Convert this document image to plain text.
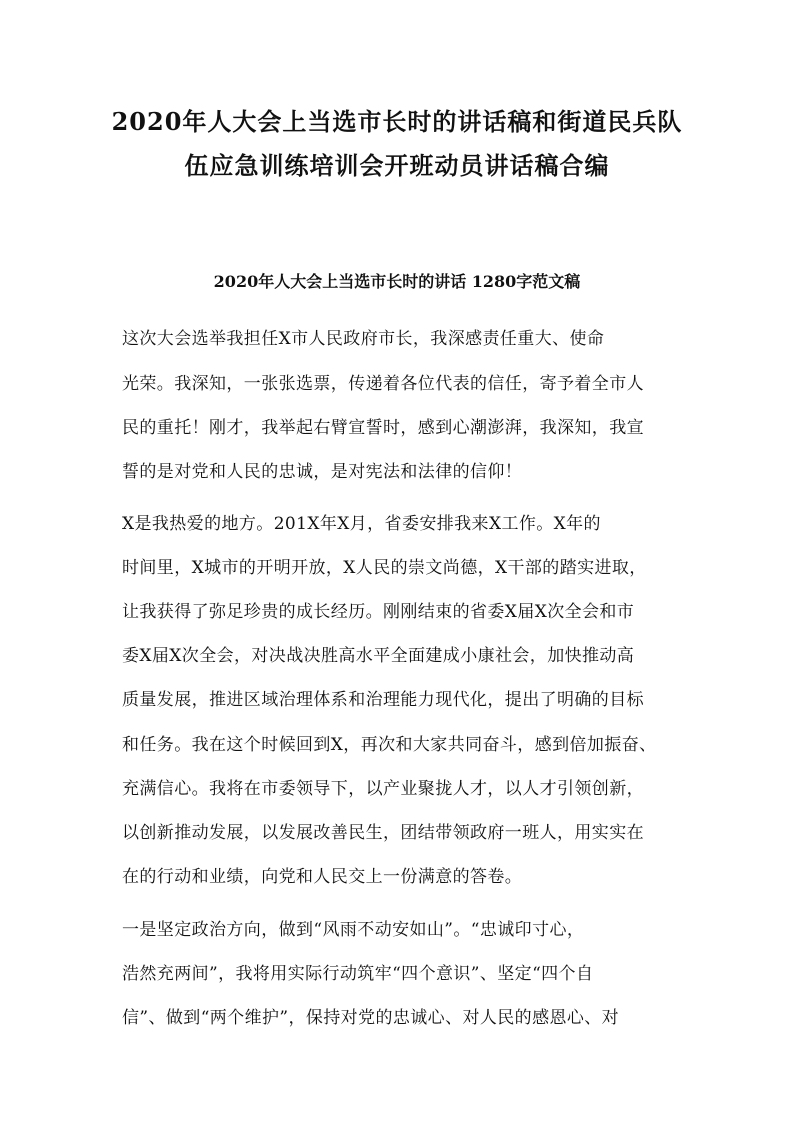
2020年人大会上当选市长时的讲话稿和街道民兵队
伍应急训练培训会开班动员讲话稿合编
2020年人大会上当选市长时的讲话 1280字范文稿
这次大会选举我担任X市人民政府市长，我深感责任重大、使命
光荣。我深知，一张张选票，传递着各位代表的信任，寄予着全市人
民的重托！刚才，我举起右臂宣誓时，感到心潮澎湃，我深知，我宣
誓的是对党和人民的忠诚，是对宪法和法律的信仰！
X是我热爱的地方。201X年X月，省委安排我来X工作。X年的
时间里，X城市的开明开放，X人民的崇文尚德，X干部的踏实进取，
让我获得了弥足珍贵的成长经历。刚刚结束的省委X届X次全会和市
委X届X次全会，对决战决胜高水平全面建成小康社会，加快推动高
质量发展，推进区域治理体系和治理能力现代化，提出了明确的目标
和任务。我在这个时候回到X，再次和大家共同奋斗，感到倍加振奋、
充满信心。我将在市委领导下，以产业聚拢人才，以人才引领创新，
以创新推动发展，以发展改善民生，团结带领政府一班人，用实实在
在的行动和业绩，向党和人民交上一份满意的答卷。
一是坚定政治方向，做到“风雨不动安如山”。“忠诚印寸心，
浩然充两间”，我将用实际行动筑牢“四个意识”、坚定“四个自
信”、做到“两个维护”，保持对党的忠诚心、对人民的感恩心、对
